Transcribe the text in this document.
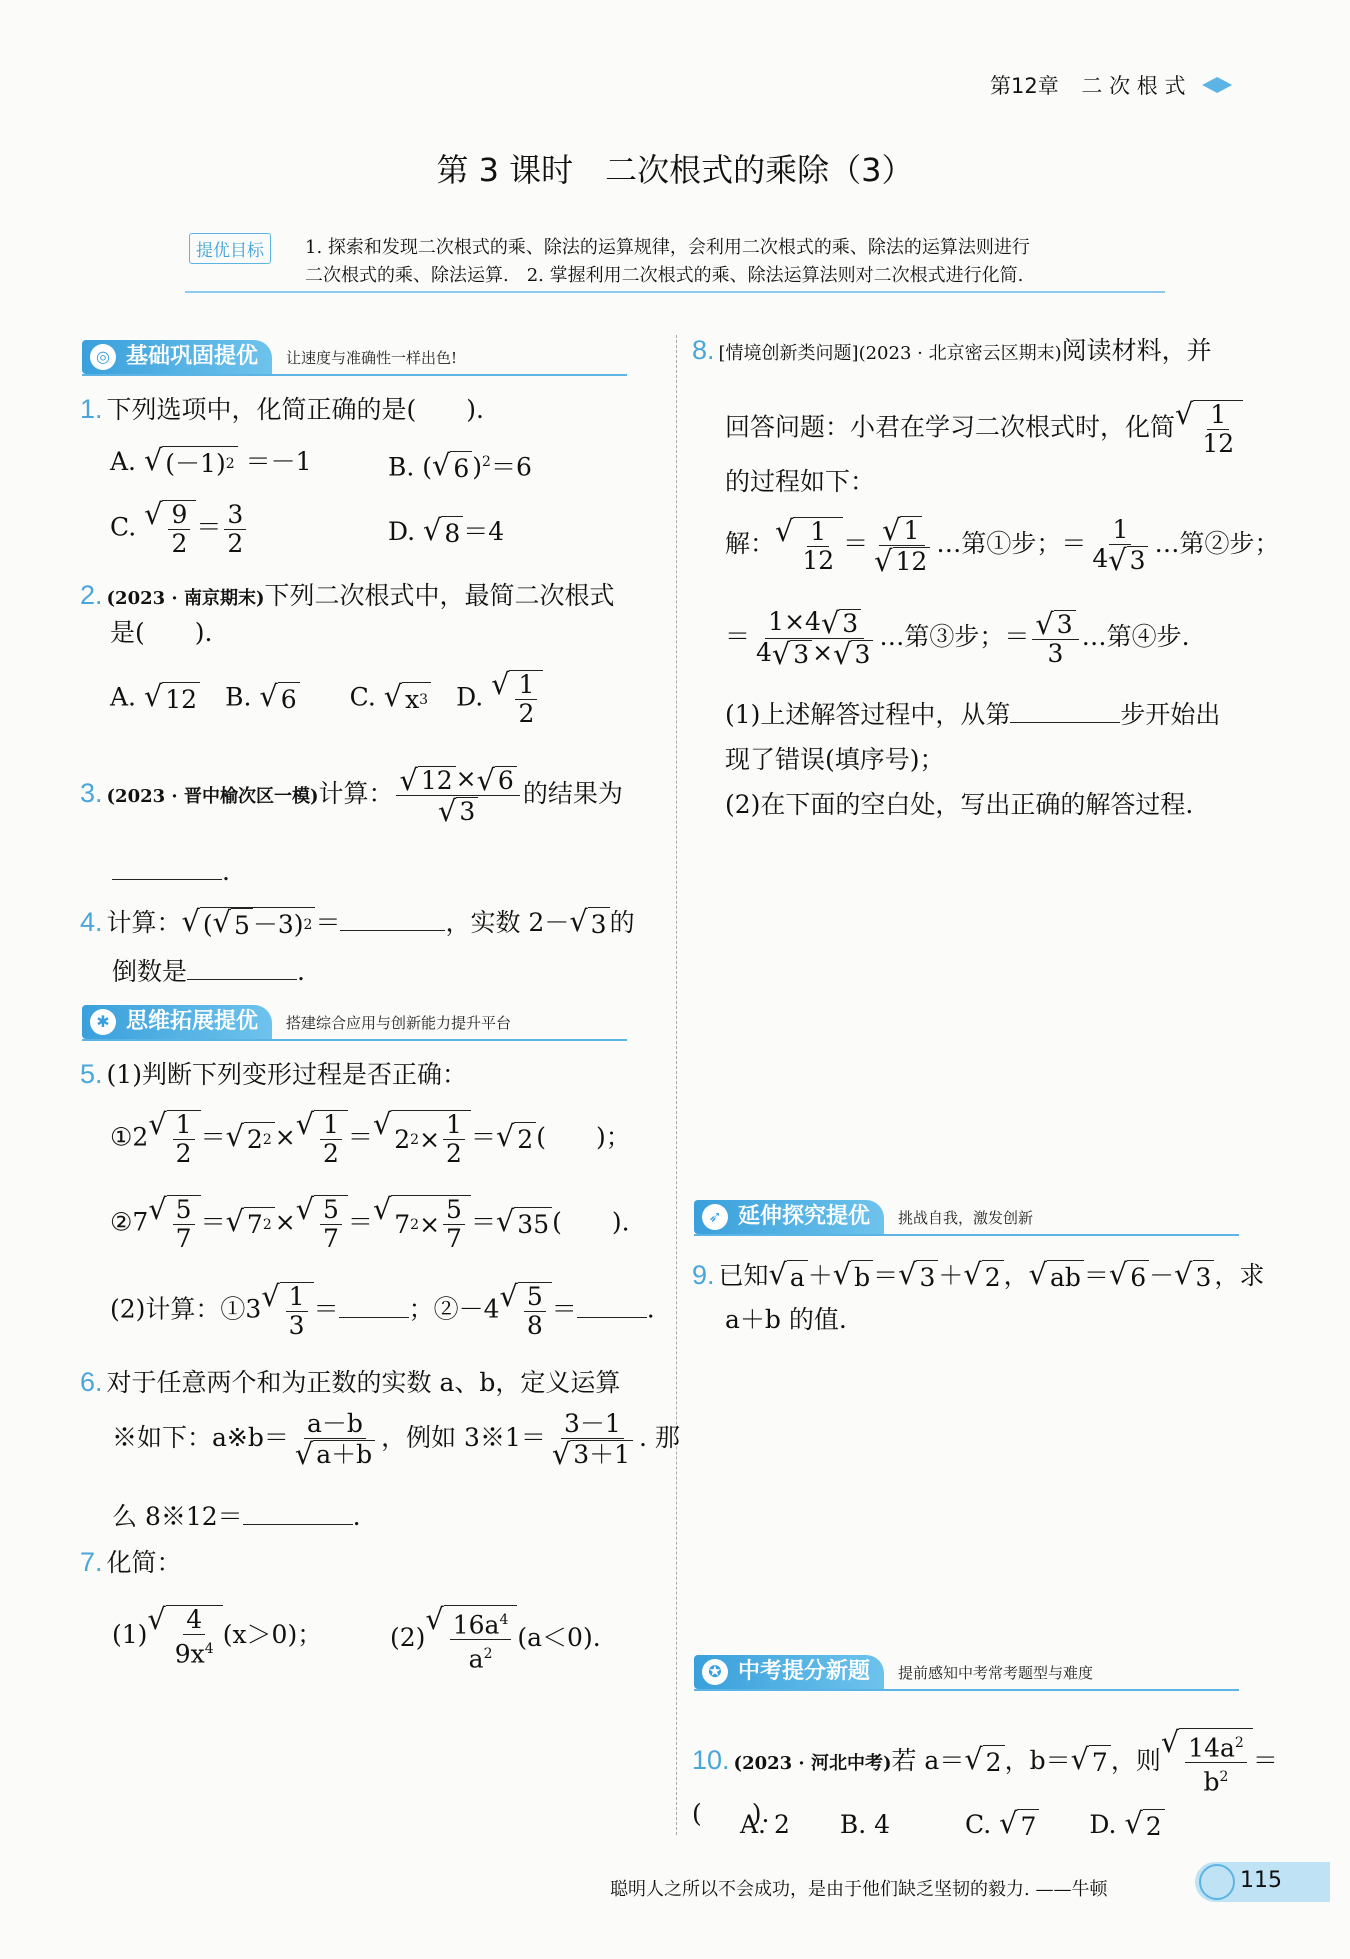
第12章 二 次 根 式
第 3 课时　二次根式的乘除（3）
提优目标	1. 探索和发现二次根式的乘、除法的运算规律，会利用二次根式的乘、除法的运算法则进行
二次根式的乘、除法运算.　2. 掌握利用二次根式的乘、除法运算法则对二次根式进行化简.
◎ 基础巩固提优	让速度与准确性一样出色!
1. 下列选项中，化简正确的是(　　).
A. √ (－1) 2 ＝－1	B. ( √ 6 )$^2$＝6
C. √ $\frac{9}{2} = \frac{3}{2}$	D. √ 8 ＝4
2. (2023 · 南京期末)下列二次根式中，最简二次根式
是(　　).
A. √ 12 　B. √ 6 　　C. √ x 3 　D. √ $\frac{1}{2}$
3. (2023 · 晋中榆次区一模)计算： $\frac{√ 12 \times √ 6}{√ 3}$ 的结果为
.
4. 计算： √ ( √ 5 －3) 2 ＝	，实数 2－ √ 3 的
倒数是	.
✱ 思维拓展提优	搭建综合应用与创新能力提升平台
5. (1)判断下列变形过程是否正确：
①2 √ $\frac{1}{2}$ ＝ √ 2 2 × √ $\frac{1}{2}$ ＝ √ 2 $2 \times \frac{1}{2}$ ＝ √ 2 (　　)；
②7 √ $\frac{5}{7}$ ＝ √ 7 2 × √ $\frac{5}{7}$ ＝ √ 7 $2 \times \frac{5}{7}$ ＝ √ 35 (　　).
(2)计算：①3 √ $\frac{1}{3}$ ＝	；②－4 √ $\frac{5}{8}$ ＝	.
6. 对于任意两个和为正数的实数 a、b，定义运算
※如下：a※b＝ $\frac{a-b}{√ a+b}$ ，例如 3※1＝ $\frac{3-1}{√ 3+1}$ . 那
么 8※12＝	.
7. 化简：
(1) √ $\frac{4}{9x^4} (x>0)$；	(2)
√ $\frac{16a^4}{a^2} (a<0)$.
8. [情境创新类问题](2023 · 北京密云区期末)阅读材料，并
回答问题：小君在学习二次根式时，化简 √ $\frac{1}{12}$
的过程如下：
解： √ $\frac{1}{12} = \frac{√ 1}{√ 12}$ …第①步；＝ $\frac{1}{4 √ 3}$ …第②步；
＝ $\frac{1\times 4 √ 3}{4 √ 3 \times √ 3}$ …第③步；＝ $\frac{√ 3}{3}$ …第④步.
(1)上述解答过程中，从第	步开始出
现了错误(填序号)；
(2)在下面的空白处，写出正确的解答过程.
➶ 延伸探究提优	挑战自我，激发创新
9. 已知 √ a ＋ √ b ＝ √ 3 ＋ √ 2 ， √ ab ＝ √ 6 － √ 3 ，求
a＋b 的值.
✪ 中考提分新题	提前感知中考常考题型与难度
10. (2023 · 河北中考)若 a＝ √ 2 ，b＝ √ 7 ，则
√ $\frac{14a^2}{b^2}$ ＝(　　).
A. 2　　B. 4　　　C. √ 7 　　D. √ 2
聪明人之所以不会成功，是由于他们缺乏坚韧的毅力. ——牛顿	115
